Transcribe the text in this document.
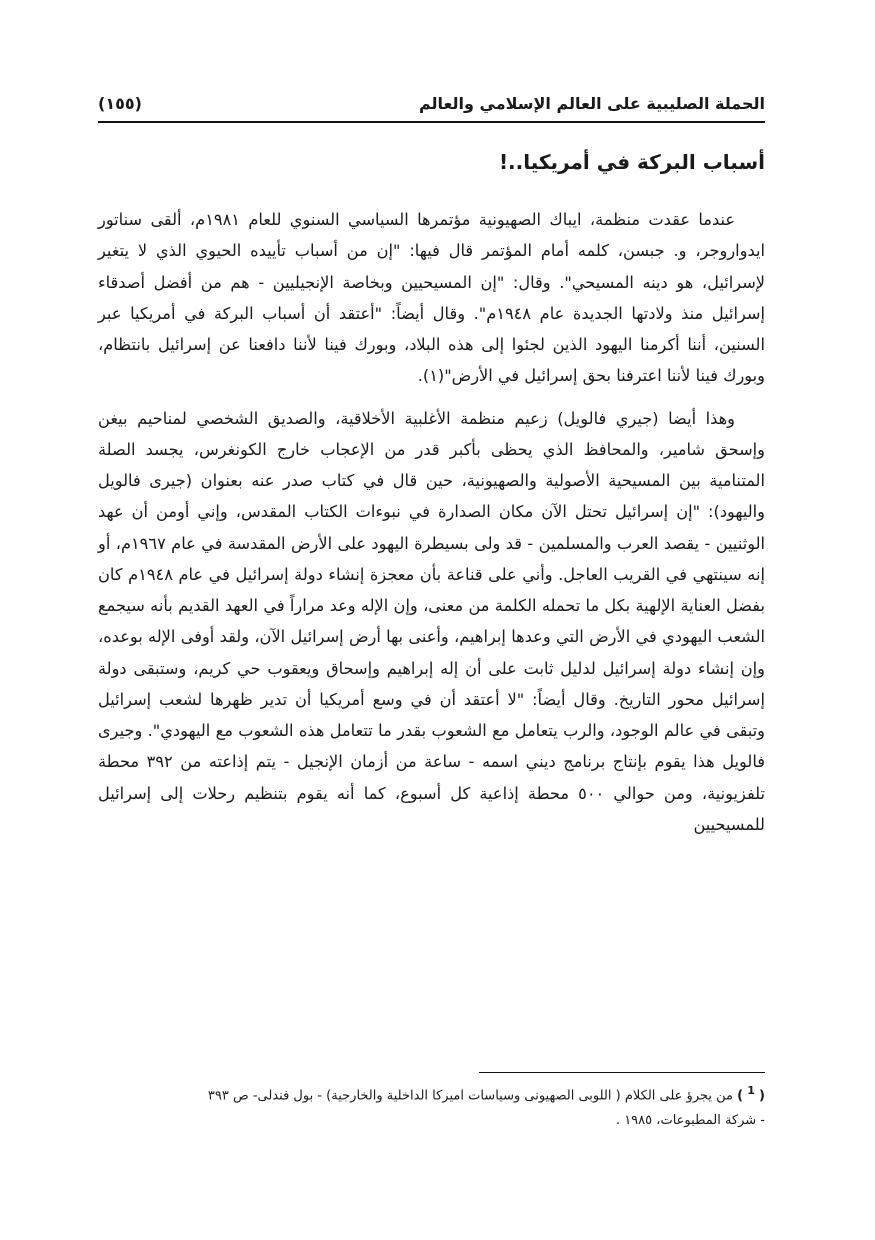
الحملة الصليبية على العالم الإسلامي والعالم
(١٥٥)
أسباب البركة في أمريكيا..!

عندما عقدت منظمة، ايباك الصهيونية مؤتمرها السياسي السنوي للعام ١٩٨١م، ألقى سناتور ايدواروجر، و. جبسن، كلمه أمام المؤتمر قال فيها: "إن من أسباب تأييده الحيوي الذي لا يتغير لإسرائيل، هو دينه المسيحي". وقال: "إن المسيحيين وبخاصة الإنجيليين - هم من أفضل أصدقاء إسرائيل منذ ولادتها الجديدة عام ١٩٤٨م". وقال أيضاً: "أعتقد أن أسباب البركة في أمريكيا عبر السنين، أننا أكرمنا اليهود الذين لجئوا إلى هذه البلاد، وبورك فينا لأننا دافعنا عن إسرائيل بانتظام، وبورك فينا لأننا اعترفنا بحق إسرائيل في الأرض"(١).

وهذا أيضا (جيري فالويل) زعيم منظمة الأغلبية الأخلاقية، والصديق الشخصي لمناحيم بيغن وإسحق شامير، والمحافظ الذي يحظى بأكبر قدر من الإعجاب خارج الكونغرس، يجسد الصلة المتنامية بين المسيحية الأصولية والصهيونية، حين قال في كتاب صدر عنه بعنوان (جيرى فالويل واليهود): "إن إسرائيل تحتل الآن مكان الصدارة في نبوءات الكتاب المقدس، وإني أومن أن عهد الوثنيين - يقصد العرب والمسلمين - قد ولى بسيطرة اليهود على الأرض المقدسة في عام ١٩٦٧م، أو إنه سينتهي في القريب العاجل. وأني على قناعة بأن معجزة إنشاء دولة إسرائيل في عام ١٩٤٨م كان بفضل العناية الإلهية بكل ما تحمله الكلمة من معنى، وإن الإله وعد مراراً في العهد القديم بأنه سيجمع الشعب اليهودي في الأرض التي وعدها إبراهيم، وأعنى بها أرض إسرائيل الآن، ولقد أوفى الإله بوعده، وإن إنشاء دولة إسرائيل لدليل ثابت على أن إله إبراهيم وإسحاق ويعقوب حي كريم، وستبقى دولة إسرائيل محور التاريخ. وقال أيضاً: "لا أعتقد أن في وسع أمريكيا أن تدير ظهرها لشعب إسرائيل وتبقى في عالم الوجود، والرب يتعامل مع الشعوب بقدر ما تتعامل هذه الشعوب مع اليهودي". وجيرى فالويل هذا يقوم بإنتاج برنامج ديني اسمه - ساعة من أزمان الإنجيل - يتم إذاعته من ٣٩٢ محطة تلفزيونية، ومن حوالي ٥٠٠ محطة إذاعية كل أسبوع، كما أنه يقوم بتنظيم رحلات إلى إسرائيل للمسيحيين

( $^1$ ) من يجرؤ على الكلام ( اللوبى الصهيونى وسياسات اميركا الداخلية والخارجية) - بول فندلى- ص ٣٩٣

- شركة المطبوعات، ١٩٨٥ .
